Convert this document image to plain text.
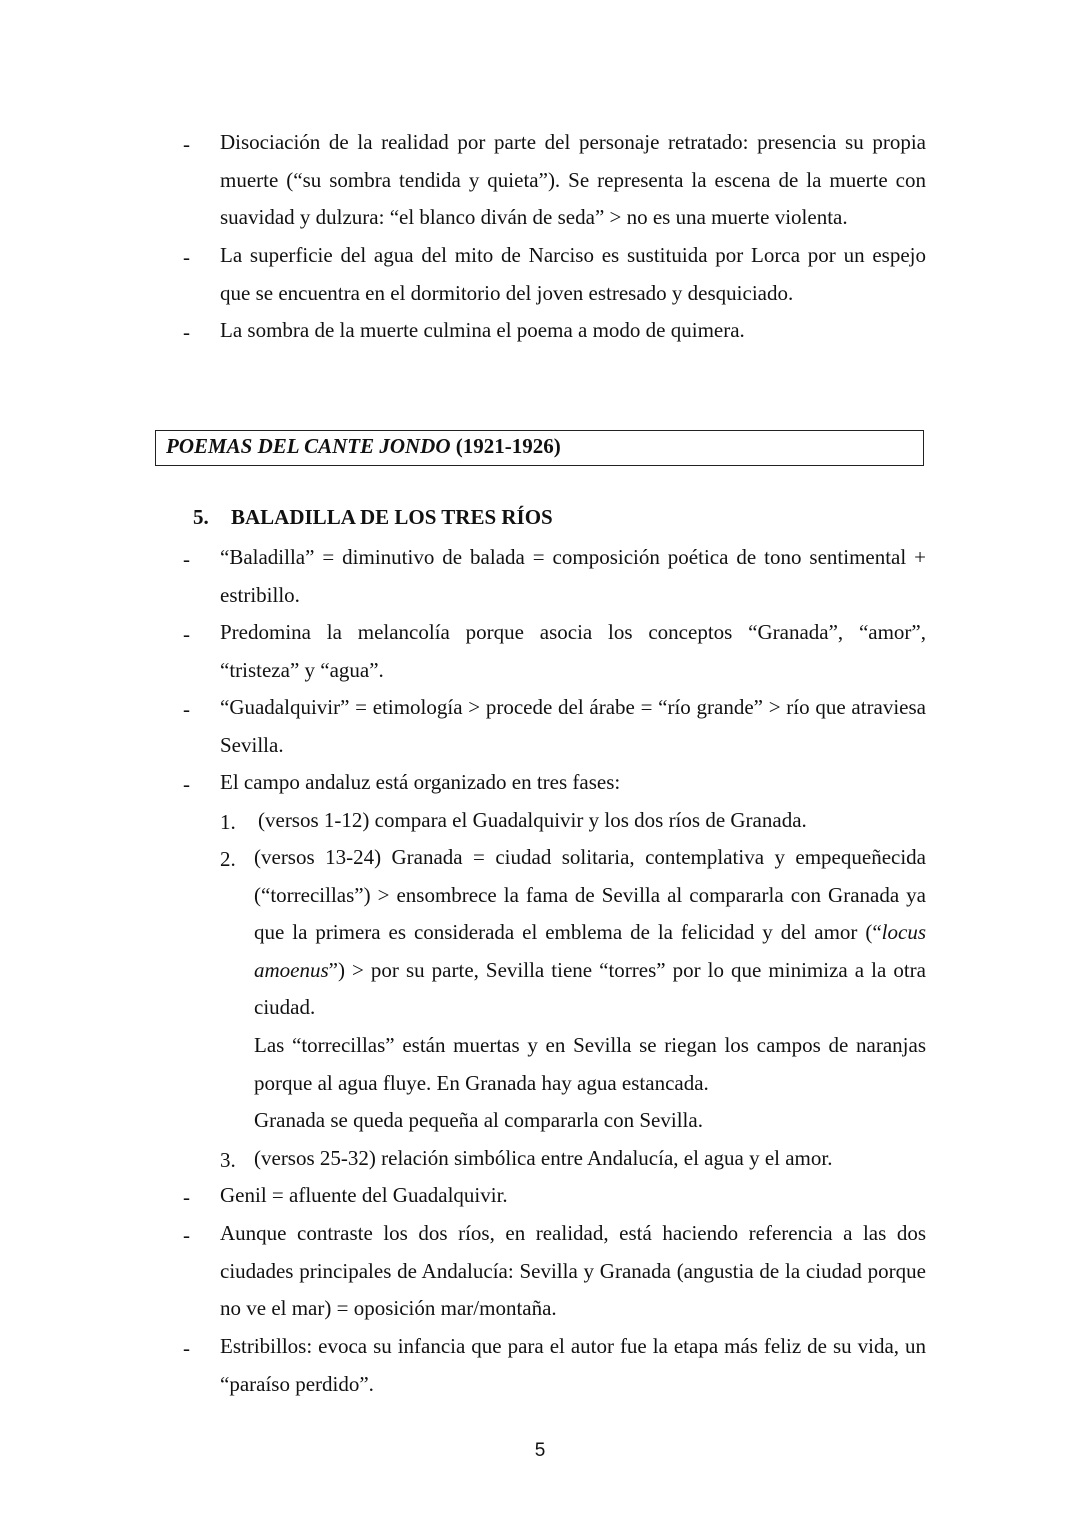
- Disociación de la realidad por parte del personaje retratado: presencia su propia muerte (“su sombra tendida y quieta”). Se representa la escena de la muerte con suavidad y dulzura: “el blanco diván de seda” > no es una muerte violenta.
- La superficie del agua del mito de Narciso es sustituida por Lorca por un espejo que se encuentra en el dormitorio del joven estresado y desquiciado.
- La sombra de la muerte culmina el poema a modo de quimera.
POEMAS DEL CANTE JONDO (1921-1926)
5. BALADILLA DE LOS TRES RÍOS
- “Baladilla” = diminutivo de balada = composición poética de tono sentimental + estribillo.
- Predomina la melancolía porque asocia los conceptos “Granada”, “amor”, “tristeza” y “agua”.
- “Guadalquivir” = etimología > procede del árabe = “río grande” > río que atraviesa Sevilla.
- El campo andaluz está organizado en tres fases:
1. (versos 1-12) compara el Guadalquivir y los dos ríos de Granada.
2. (versos 13-24) Granada = ciudad solitaria, contemplativa y empequeñecida (“torrecillas”) > ensombrece la fama de Sevilla al compararla con Granada ya que la primera es considerada el emblema de la felicidad y del amor (“locus amoenus”) > por su parte, Sevilla tiene “torres” por lo que minimiza a la otra ciudad.
Las “torrecillas” están muertas y en Sevilla se riegan los campos de naranjas porque al agua fluye. En Granada hay agua estancada.
Granada se queda pequeña al compararla con Sevilla.
3. (versos 25-32) relación simbólica entre Andalucía, el agua y el amor.
- Genil = afluente del Guadalquivir.
- Aunque contraste los dos ríos, en realidad, está haciendo referencia a las dos ciudades principales de Andalucía: Sevilla y Granada (angustia de la ciudad porque no ve el mar) = oposición mar/montaña.
- Estribillos: evoca su infancia que para el autor fue la etapa más feliz de su vida, un “paraíso perdido”.
5
